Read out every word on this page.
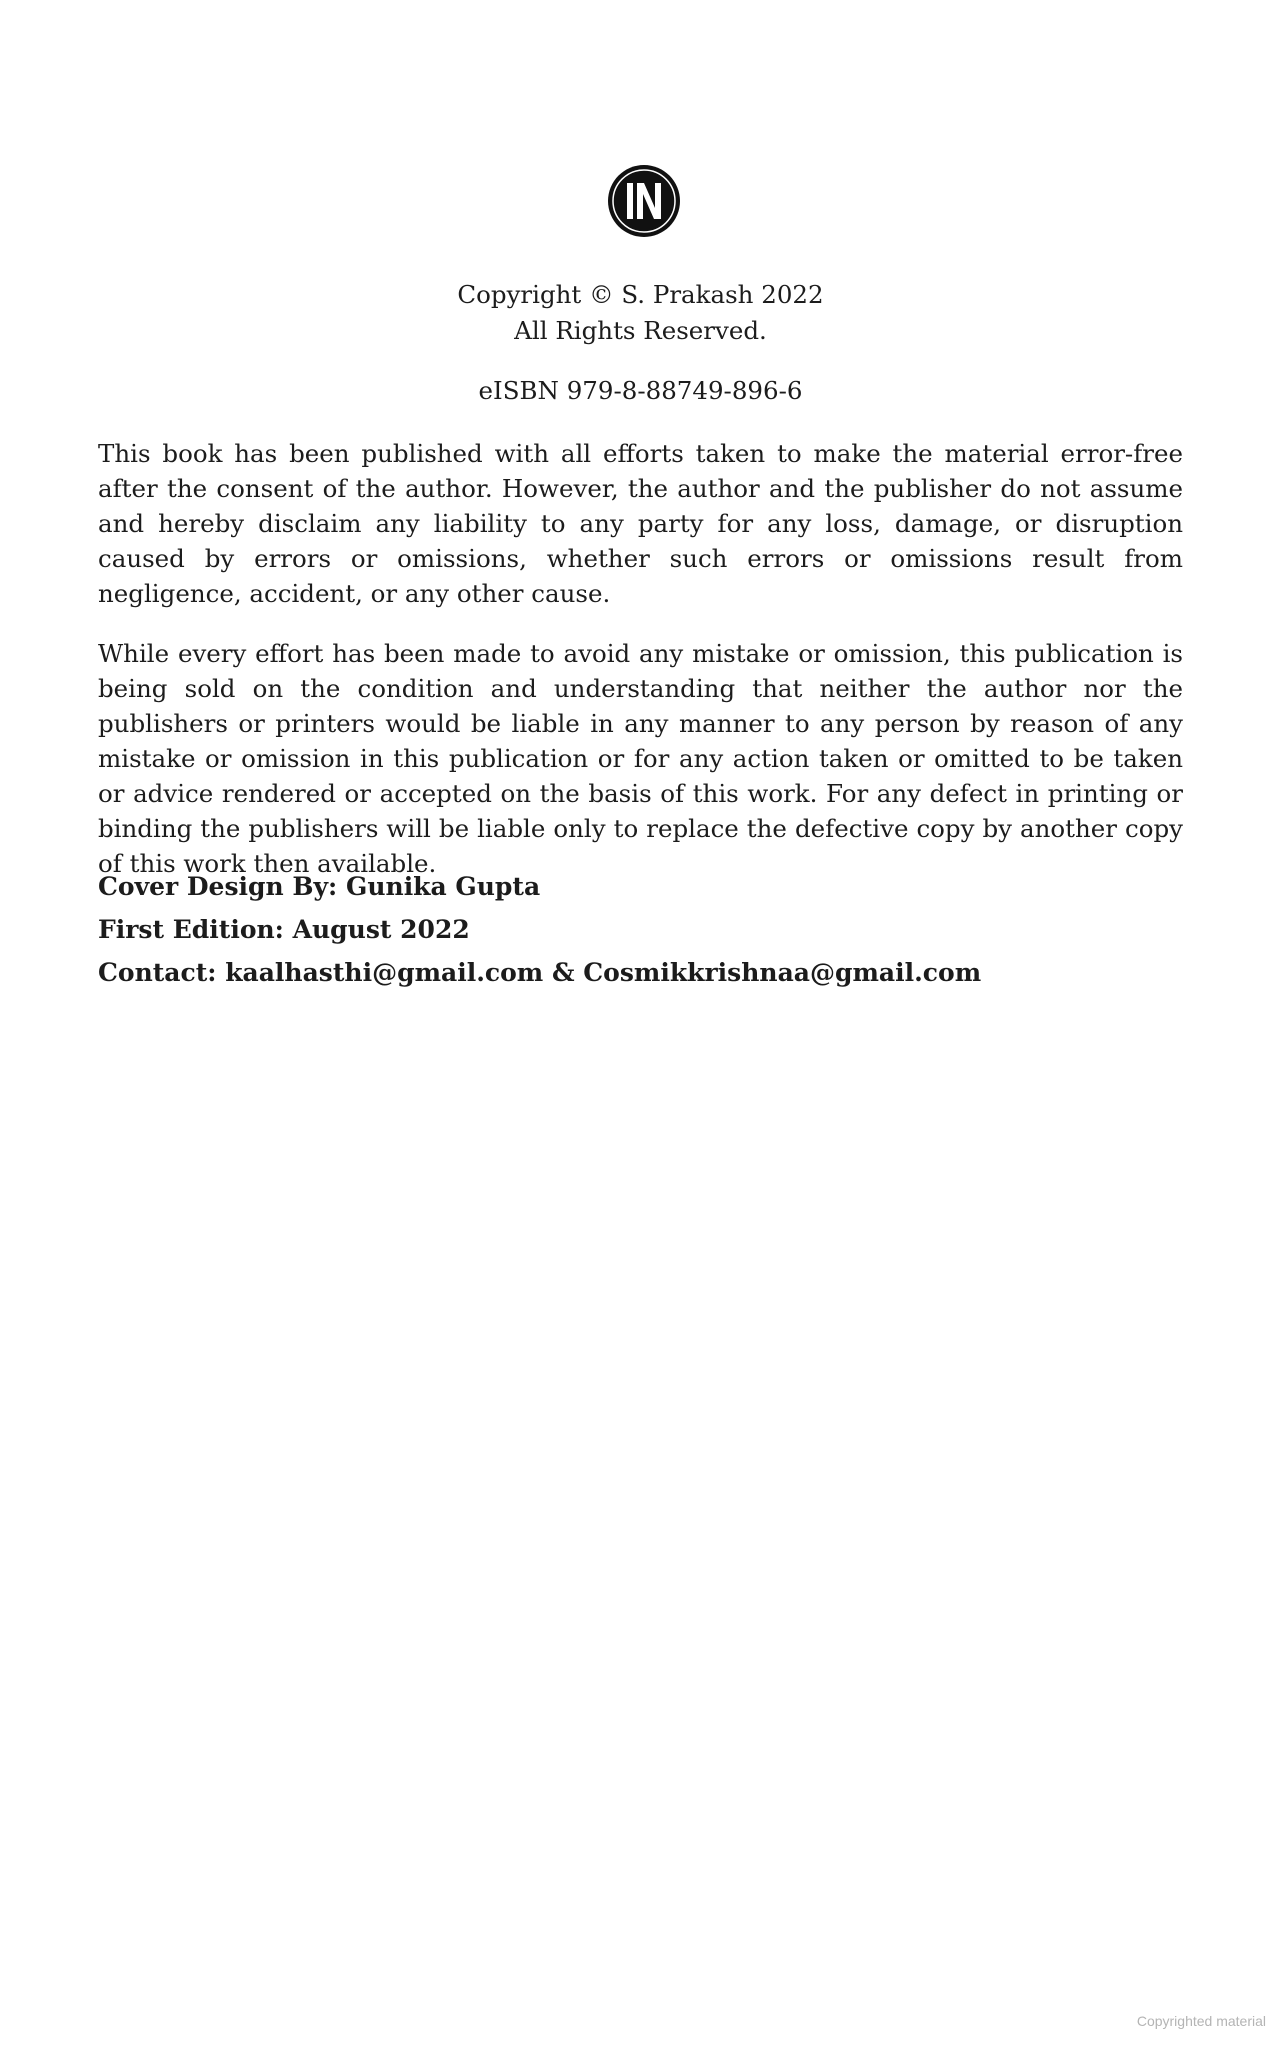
Copyright © S. Prakash 2022
All Rights Reserved.
eISBN 979-8-88749-896-6

This book has been published with all efforts taken to make the material error-free after the consent of the author. However, the author and the publisher do not assume and hereby disclaim any liability to any party for any loss, damage, or disruption caused by errors or omissions, whether such errors or omissions result from negligence, accident, or any other cause.

While every effort has been made to avoid any mistake or omission, this publication is being sold on the condition and understanding that neither the author nor the publishers or printers would be liable in any manner to any person by reason of any mistake or omission in this publication or for any action taken or omitted to be taken or advice rendered or accepted on the basis of this work. For any defect in printing or binding the publishers will be liable only to replace the defective copy by another copy of this work then available.

Cover Design By: Gunika Gupta
First Edition: August 2022
Contact: kaalhasthi@gmail.com & Cosmikkrishnaa@gmail.com
Copyrighted material
